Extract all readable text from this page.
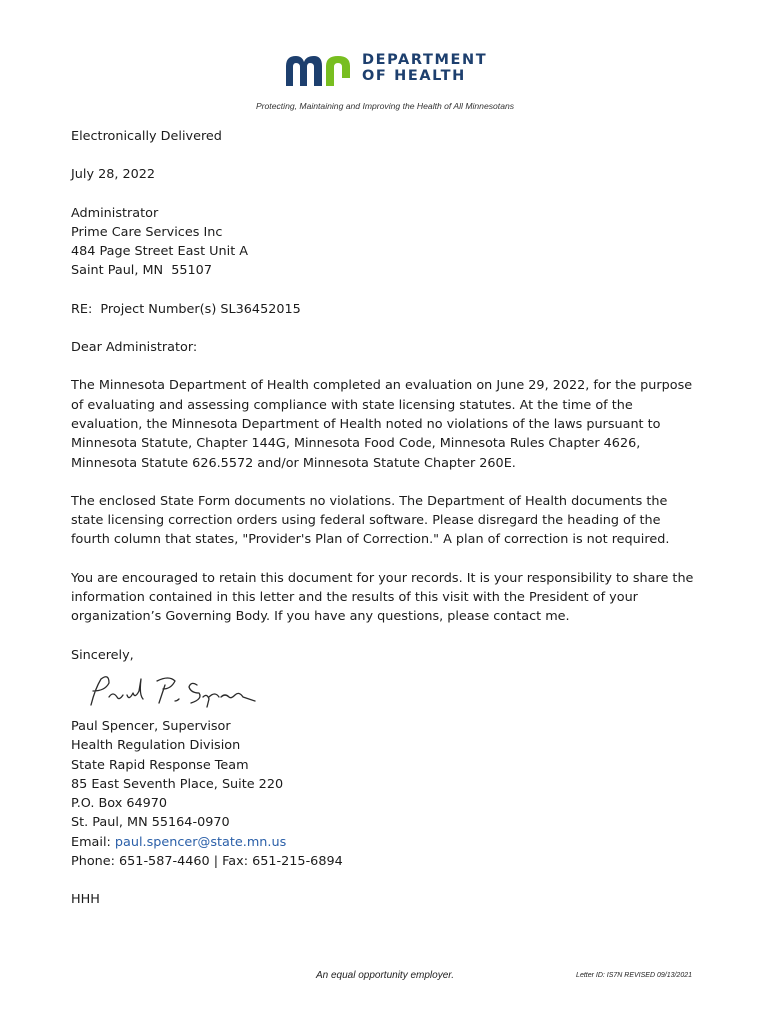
DEPARTMENT
OF HEALTH
Protecting, Maintaining and Improving the Health of All Minnesotans

Electronically Delivered

July 28, 2022

Administrator
Prime Care Services Inc
484 Page Street East Unit A
Saint Paul, MN  55107

RE:  Project Number(s) SL36452015

Dear Administrator:

The Minnesota Department of Health completed an evaluation on June 29, 2022, for the purpose of evaluating and assessing compliance with state licensing statutes. At the time of the evaluation, the Minnesota Department of Health noted no violations of the laws pursuant to Minnesota Statute, Chapter 144G, Minnesota Food Code, Minnesota Rules Chapter 4626, Minnesota Statute 626.5572 and/or Minnesota Statute Chapter 260E.

The enclosed State Form documents no violations. The Department of Health documents the state licensing correction orders using federal software. Please disregard the heading of the fourth column that states, "Provider's Plan of Correction." A plan of correction is not required.

You are encouraged to retain this document for your records. It is your responsibility to share the information contained in this letter and the results of this visit with the President of your organization’s Governing Body. If you have any questions, please contact me.

Sincerely,

Paul Spencer, Supervisor
Health Regulation Division
State Rapid Response Team
85 East Seventh Place, Suite 220
P.O. Box 64970
St. Paul, MN 55164-0970
Email: paul.spencer@state.mn.us
Phone: 651-587-4460 | Fax: 651-215-6894

HHH

An equal opportunity employer.	Letter ID: IS7N REVISED 09/13/2021
